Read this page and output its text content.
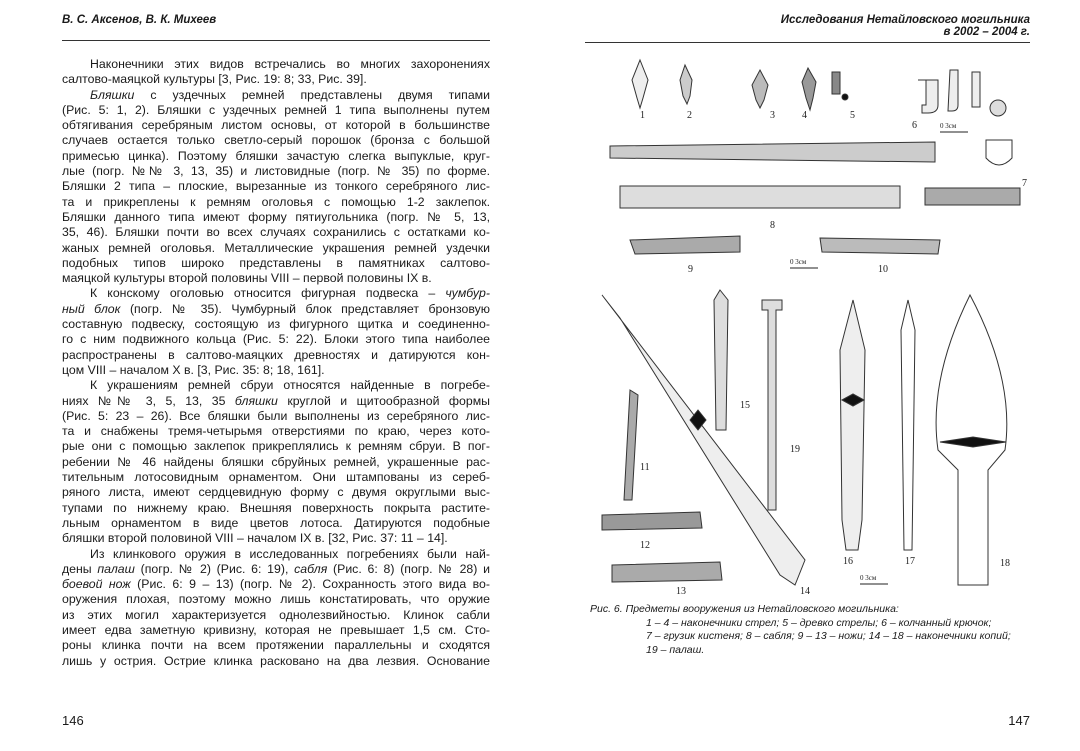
В. С. Аксенов, В. К. Михеев
Наконечники этих видов встречались во многих захоронениях
салтово-маяцкой культуры [3, Рис. 19: 8; 33, Рис. 39].
Бляшки с уздечных ремней представлены двумя типами
(Рис. 5: 1, 2). Бляшки с уздечных ремней 1 типа выполнены путем
обтягивания серебряным листом основы, от которой в большинстве
случаев остается только светло-серый порошок (бронза с большой
примесью цинка). Поэтому бляшки зачастую слегка выпуклые, круг-
лые (погр. №№ 3, 13, 35) и листовидные (погр. № 35) по форме.
Бляшки 2 типа – плоские, вырезанные из тонкого серебряного лис-
та и прикреплены к ремням оголовья с помощью 1-2 заклепок.
Бляшки данного типа имеют форму пятиугольника (погр. № 5, 13,
35, 46). Бляшки почти во всех случаях сохранились с остатками ко-
жаных ремней оголовья. Металлические украшения ремней уздечки
подобных типов широко представлены в памятниках салтово-
маяцкой культуры второй половины VIII – первой половины IX в.
К конскому оголовью относится фигурная подвеска – чумбур-
ный блок (погр. № 35). Чумбурный блок представляет бронзовую
составную подвеску, состоящую из фигурного щитка и соединенно-
го с ним подвижного кольца (Рис. 5: 22). Блоки этого типа наиболее
распространены в салтово-маяцких древностях и датируются кон-
цом VIII – началом X в. [3, Рис. 35: 8; 18, 161].
К украшениям ремней сбруи относятся найденные в погребе-
ниях №№ 3, 5, 13, 35 бляшки круглой и щитообразной формы
(Рис. 5: 23 – 26). Все бляшки были выполнены из серебряного лис-
та и снабжены тремя-четырьмя отверстиями по краю, через кото-
рые они с помощью заклепок прикреплялись к ремням сбруи. В пог-
ребении № 46 найдены бляшки сбруйных ремней, украшенные рас-
тительным лотосовидным орнаментом. Они штампованы из сереб-
ряного листа, имеют сердцевидную форму с двумя округлыми выс-
тупами по нижнему краю. Внешняя поверхность покрыта растите-
льным орнаментом в виде цветов лотоса. Датируются подобные
бляшки второй половиной VIII – началом IX в. [32, Рис. 37: 11 – 14].
Из клинкового оружия в исследованных погребениях были най-
дены палаш (погр. № 2) (Рис. 6: 19), сабля (Рис. 6: 8) (погр. № 28) и
боевой нож (Рис. 6: 9 – 13) (погр. № 2). Сохранность этого вида во-
оружения плохая, поэтому можно лишь констатировать, что оружие
из этих могил характеризуется однолезвийностью. Клинок сабли
имеет едва заметную кривизну, которая не превышает 1,5 см. Сто-
роны клинка почти на всем протяжении параллельны и сходятся
лишь у острия. Острие клинка расковано на два лезвия. Основание
146
Исследования Нетайловского могильника
в 2002 – 2004 г.
1	2	3	4	5
6
7
8
9	10
11
12
13	14
15
16	17	18
19
0 3см
0 3см
0 3см
Рис. 6. Предметы вооружения из Нетайловского могильника:
1 – 4 – наконечники стрел; 5 – древко стрелы; 6 – колчанный крючок;
7 – грузик кистеня; 8 – сабля; 9 – 13 – ножи; 14 – 18 – наконечники копий;
19 – палаш.
147
